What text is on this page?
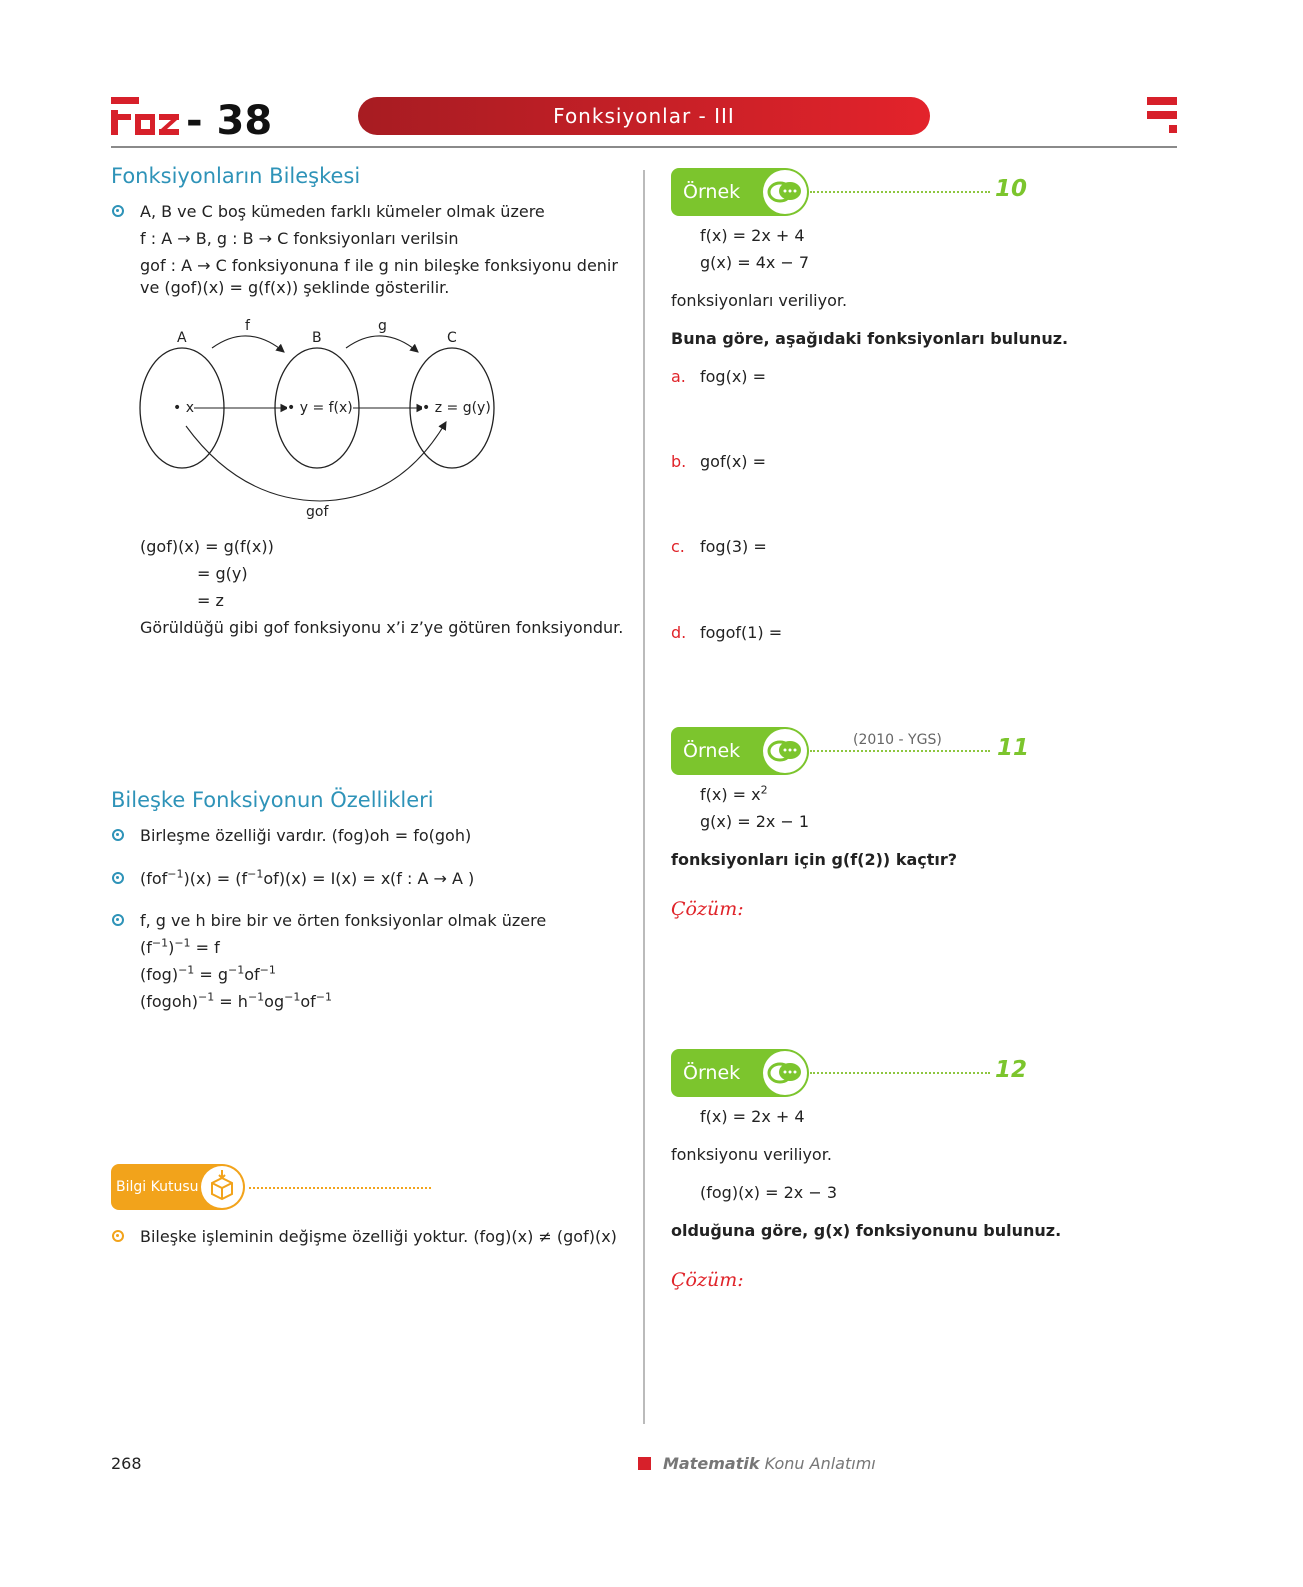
- 38	Fonksiyonlar - III
Fonksiyonların Bileşkesi
A, B ve C boş kümeden farklı kümeler olmak üzere
f : A → B, g : B → C fonksiyonları verilsin
gof : A → C fonksiyonuna f ile g nin bileşke fonksiyonu denir
ve (gof)(x) = g(f(x)) şeklinde gösterilir.
A	B	C
f	g
gof
• x	• y = f(x)	• z = g(y)
(gof)(x) = g(f(x))
= g(y)
= z
Görüldüğü gibi gof fonksiyonu x’i z’ye götüren fonksiyondur.
Bileşke Fonksiyonun Özellikleri
Birleşme özelliği vardır. (fog)oh = fo(goh)
$(fof^{-1})(x) = (f^{-1}of)(x) = I(x) = x$ (f : A → A )
f, g ve h bire bir ve örten fonksiyonlar olmak üzere
$(f^{-1})^{-1} = f$
$(fog)^{-1} = g^{-1}of^{-1}$
(fogoh)$^{-1}$ = $h^{-1}og^{-1}of^{-1}$
Bilgi Kutusu
Bileşke işleminin değişme özelliği yoktur. (fog)(x) ≠ (gof)(x)
Örnek	10
f(x) = 2x + 4
g(x) = 4x − 7
fonksiyonları veriliyor.
Buna göre, aşağıdaki fonksiyonları bulunuz.
a. fog(x) =
b. gof(x) =
c. fog(3) =
d. fogof(1) =
Örnek	(2010 - YGS) 11
$f(x) = x^2$
g(x) = 2x − 1
fonksiyonları için g(f(2)) kaçtır?
Çözüm:
Örnek	12
f(x) = 2x + 4
fonksiyonu veriliyor.
(fog)(x) = 2x − 3
olduğuna göre, g(x) fonksiyonunu bulunuz.
Çözüm:
268	Matematik Konu Anlatımı
